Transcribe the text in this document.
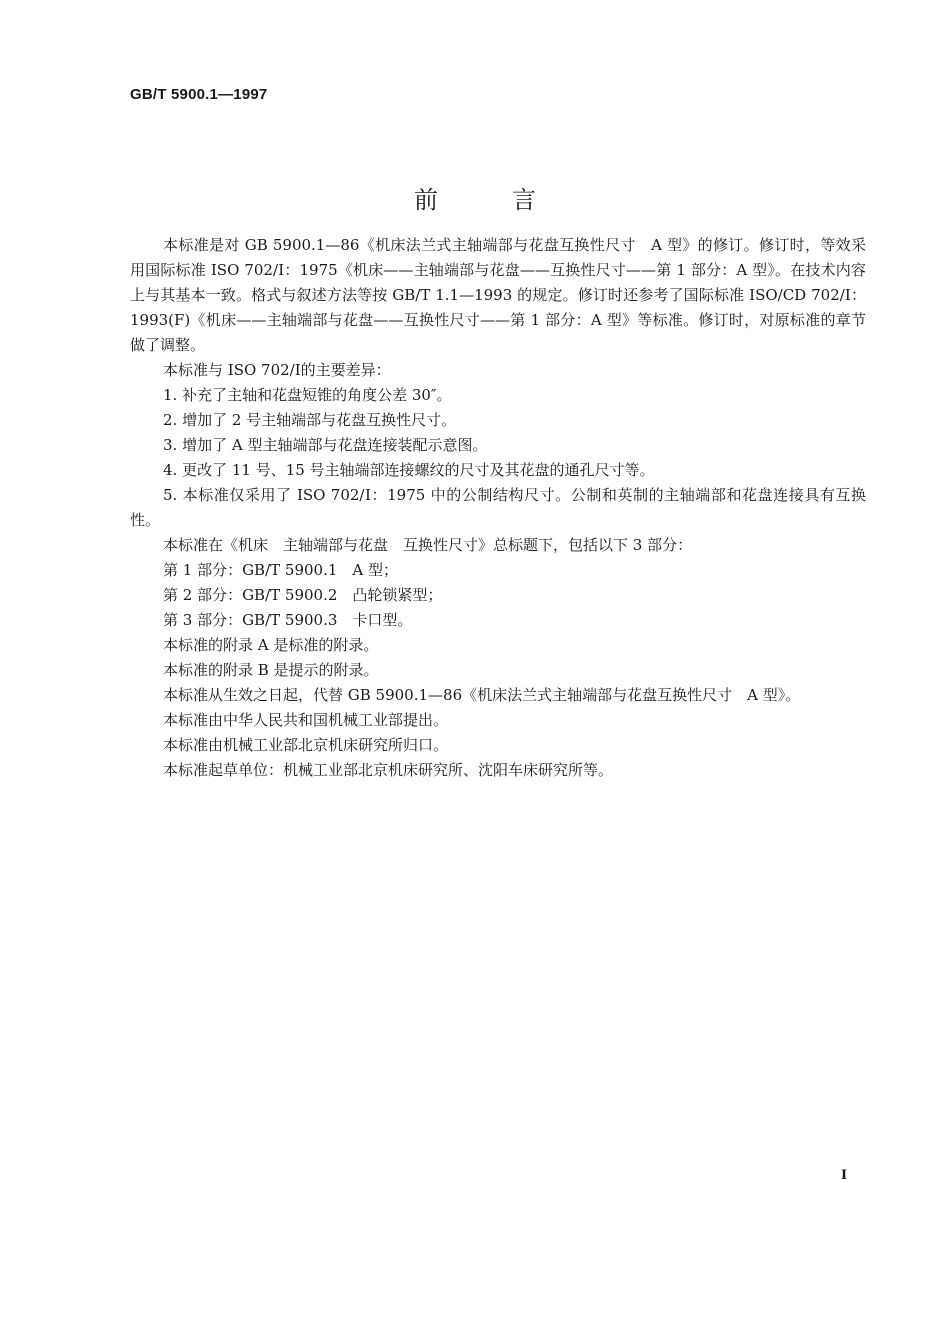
GB/T 5900.1—1997
前言

本标准是对 GB 5900.1—86《机床法兰式主轴端部与花盘互换性尺寸　A 型》的修订。修订时，等效采用国际标准 ISO 702/Ⅰ：1975《机床——主轴端部与花盘——互换性尺寸——第 1 部分：A 型》。在技术内容上与其基本一致。格式与叙述方法等按 GB/T 1.1—1993 的规定。修订时还参考了国际标准 ISO/CD 702/Ⅰ：1993(F)《机床——主轴端部与花盘——互换性尺寸——第 1 部分：A 型》等标准。修订时，对原标准的章节做了调整。

本标准与 ISO 702/Ⅰ的主要差异：

1. 补充了主轴和花盘短锥的角度公差 30″。

2. 增加了 2 号主轴端部与花盘互换性尺寸。

3. 增加了 A 型主轴端部与花盘连接装配示意图。

4. 更改了 11 号、15 号主轴端部连接螺纹的尺寸及其花盘的通孔尺寸等。

5. 本标准仅采用了 ISO 702/Ⅰ：1975 中的公制结构尺寸。公制和英制的主轴端部和花盘连接具有互换性。

本标准在《机床　主轴端部与花盘　互换性尺寸》总标题下，包括以下 3 部分：

第 1 部分：GB/T 5900.1　A 型；

第 2 部分：GB/T 5900.2　凸轮锁紧型；

第 3 部分：GB/T 5900.3　卡口型。

本标准的附录 A 是标准的附录。

本标准的附录 B 是提示的附录。

本标准从生效之日起，代替 GB 5900.1—86《机床法兰式主轴端部与花盘互换性尺寸　A 型》。

本标准由中华人民共和国机械工业部提出。

本标准由机械工业部北京机床研究所归口。

本标准起草单位：机械工业部北京机床研究所、沈阳车床研究所等。

I
